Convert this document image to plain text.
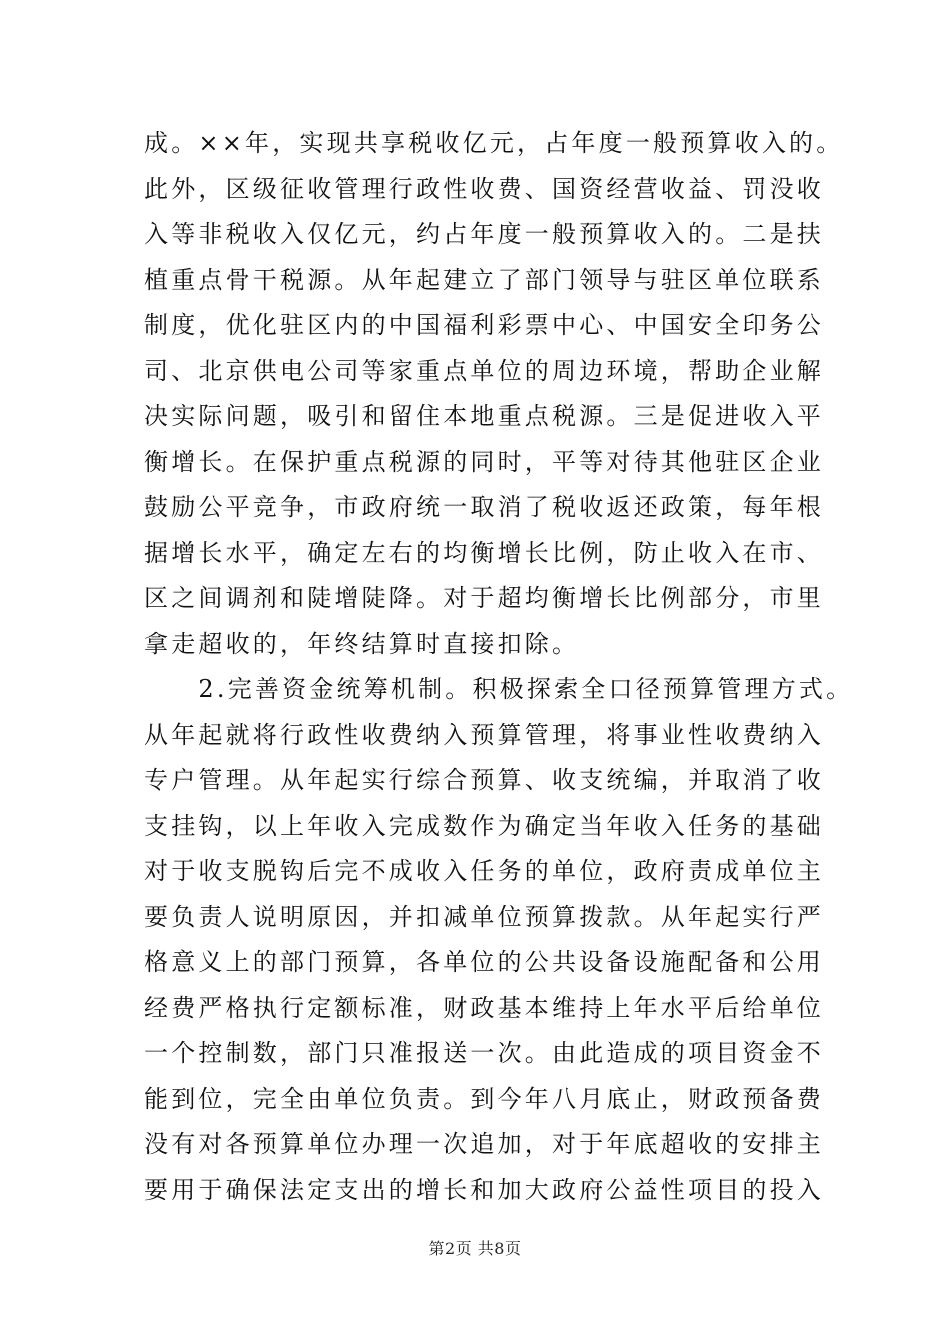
成。××年，实现共享税收亿元，占年度一般预算收入的。
此外，区级征收管理行政性收费、国资经营收益、罚没收
入等非税收入仅亿元，约占年度一般预算收入的。二是扶
植重点骨干税源。从年起建立了部门领导与驻区单位联系
制度，优化驻区内的中国福利彩票中心、中国安全印务公
司、北京供电公司等家重点单位的周边环境，帮助企业解
决实际问题，吸引和留住本地重点税源。三是促进收入平
衡增长。在保护重点税源的同时，平等对待其他驻区企业
鼓励公平竞争，市政府统一取消了税收返还政策，每年根
据增长水平，确定左右的均衡增长比例，防止收入在市、
区之间调剂和陡增陡降。对于超均衡增长比例部分，市里
拿走超收的，年终结算时直接扣除。
　　2.完善资金统筹机制。积极探索全口径预算管理方式。
从年起就将行政性收费纳入预算管理，将事业性收费纳入
专户管理。从年起实行综合预算、收支统编，并取消了收
支挂钩，以上年收入完成数作为确定当年收入任务的基础
对于收支脱钩后完不成收入任务的单位，政府责成单位主
要负责人说明原因，并扣减单位预算拨款。从年起实行严
格意义上的部门预算，各单位的公共设备设施配备和公用
经费严格执行定额标准，财政基本维持上年水平后给单位
一个控制数，部门只准报送一次。由此造成的项目资金不
能到位，完全由单位负责。到今年八月底止，财政预备费
没有对各预算单位办理一次追加，对于年底超收的安排主
要用于确保法定支出的增长和加大政府公益性项目的投入
第2页 共8页
